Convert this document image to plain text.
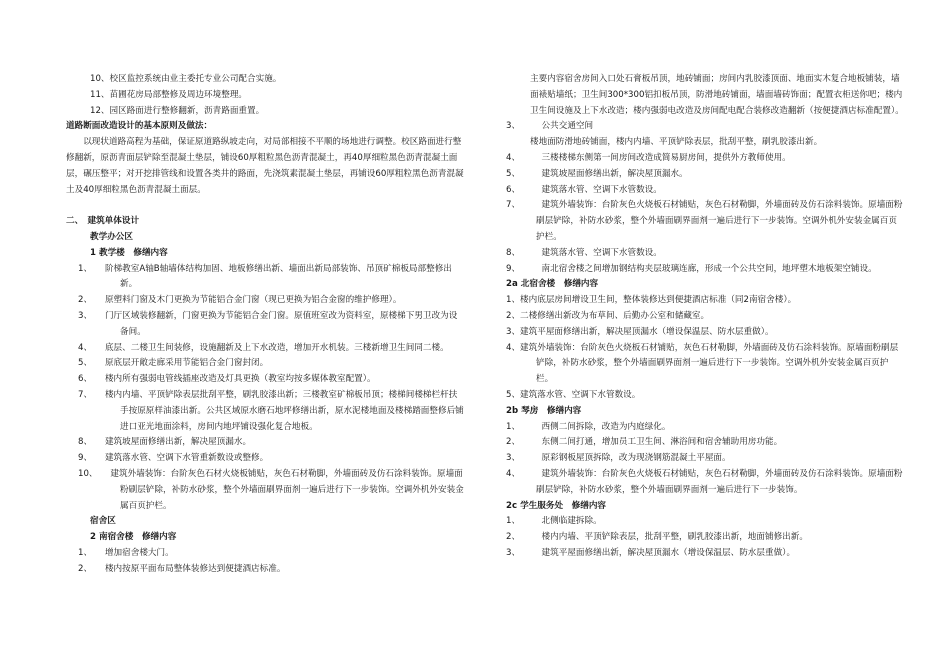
10、校区监控系统由业主委托专业公司配合实施。
11、苗圃花房局部整修及周边环境整理。
12、园区路面进行整修翻新，沥青路面重置。
道路断面改造设计的基本原则及做法：
　　以现状道路高程为基础，保证原道路纵坡走向，对局部相接不平顺的场地进行调整。校区路面进行整修翻新，原沥青面层铲除至混凝土垫层，铺设60厚粗粒黑色沥青混凝土，再40厚细粒黑色沥青混凝土面层，碾压整平；对开挖排管线和设置各类井的路面，先浇筑素混凝土垫层，再铺设60厚粗粒黑色沥青混凝土及40厚细粒黑色沥青混凝土面层。
二、　建筑单体设计
教学办公区
1 教学楼　修缮内容
1、　　阶梯教室A轴B轴墙体结构加固、地板修缮出新、墙面出新局部装饰、吊顶矿棉板局部整修出新。
2、　　原塑料门窗及木门更换为节能铝合金门窗（现已更换为铝合金窗的维护修理）。
3、　　门厅区域装修翻新，门窗更换为节能铝合金门窗。原值班室改为资料室，原楼梯下男卫改为设备间。
4、　　底层、二楼卫生间装修，设施翻新及上下水改造，增加开水机装。三楼新增卫生间同二楼。
5、　　原底层开敞走廊采用节能铝合金门窗封闭。
6、　　楼内所有强弱电管线插座改造及灯具更换（教室均按多媒体教室配置）。
7、　　楼内内墙、平顶铲除表层批刮平整，刷乳胶漆出新；三楼教室矿棉板吊顶；楼梯间楼梯栏杆扶手按原原样油漆出新。公共区域原水磨石地坪修缮出新，原水泥楼地面及楼梯踏面整修后铺进口亚光地面涂料，房间内地坪铺设强化复合地板。
8、　　建筑坡屋面修缮出新，解决屋顶漏水。
9、　　建筑落水管、空调下水管重新数设或整修。
10、　　建筑外墙装饰：台阶灰色石材火烧板铺贴，灰色石材勒脚，外墙面砖及仿石涂料装饰。原墙面粉刷层铲除，补防水砂浆，整个外墙面刷界面剂一遍后进行下一步装饰。空调外机外安装金属百页护栏。
宿舍区
2 南宿舍楼　修缮内容
1、　　增加宿舍楼大门。
2、　　楼内按原平面布局整体装修达到便捷酒店标准。
主要内容宿舍房间入口处石膏板吊顶，地砖铺面；房间内乳胶漆顶面、地面实木复合地板铺装，墙面裱贴墙纸；卫生间300*300铝扣板吊顶，防滑地砖铺面，墙面墙砖饰面；配置衣柜送你吧；楼内卫生间设施及上下水改造；楼内强弱电改造及房间配电配合装修改造翻新（按便捷酒店标准配置）。
3、　　　公共交通空间
楼地面防滑地砖铺面，楼内内墙、平顶铲除表层，批刮平整，刷乳胶漆出新。
4、　　　三楼楼梯东侧第一间房间改造成简易厨房间，提供外方教师使用。
5、　　　建筑坡屋面修缮出新，解决屋顶漏水。
6、　　　建筑落水管、空调下水管数设。
7、　　　建筑外墙装饰：台阶灰色火烧板石材铺贴，灰色石材勒脚，外墙面砖及仿石涂料装饰。原墙面粉刷层铲除，补防水砂浆，整个外墙面刷界面剂一遍后进行下一步装饰。空调外机外安装金属百页护栏。
8、　　　建筑落水管、空调下水管数设。
9、　　　南北宿舍楼之间增加钢结构夹层玻璃连廊，形成一个公共空间，地坪塑木地板架空铺设。
2a 北宿舍楼　修缮内容
1、楼内底层房间增设卫生间，整体装修达到便捷酒店标准（同2南宿舍楼）。
2、二楼修缮出新改为布草间、后勤办公室和储藏室。
3、建筑平屋面修缮出新，解决屋顶漏水（增设保温层、防水层重做）。
4、建筑外墙装饰：台阶灰色火烧板石材铺贴，灰色石材勒脚，外墙面砖及仿石涂料装饰。原墙面粉刷层铲除，补防水砂浆，整个外墙面刷界面剂一遍后进行下一步装饰。空调外机外安装金属百页护栏。
5、建筑落水管、空调下水管数设。
2b 琴房　修缮内容
1、　　　西侧二间拆除，改造为内庭绿化。
2、　　　东侧二间打通，增加员工卫生间、淋浴间和宿舍辅助用房功能。
3、　　　原彩钢板屋顶拆除，改为现浇钢筋混凝土平屋面。
4、　　　建筑外墙装饰：台阶灰色火烧板石材铺贴，灰色石材勒脚，外墙面砖及仿石涂料装饰。原墙面粉刷层铲除，补防水砂浆，整个外墙面刷界面剂一遍后进行下一步装饰。
2c 学生服务处　修缮内容
1、　　　北侧临建拆除。
2、　　　楼内内墙、平顶铲除表层，批刮平整，刷乳胶漆出新，地面铺修出新。
3、　　　建筑平屋面修缮出新，解决屋顶漏水（增设保温层、防水层重做）。
